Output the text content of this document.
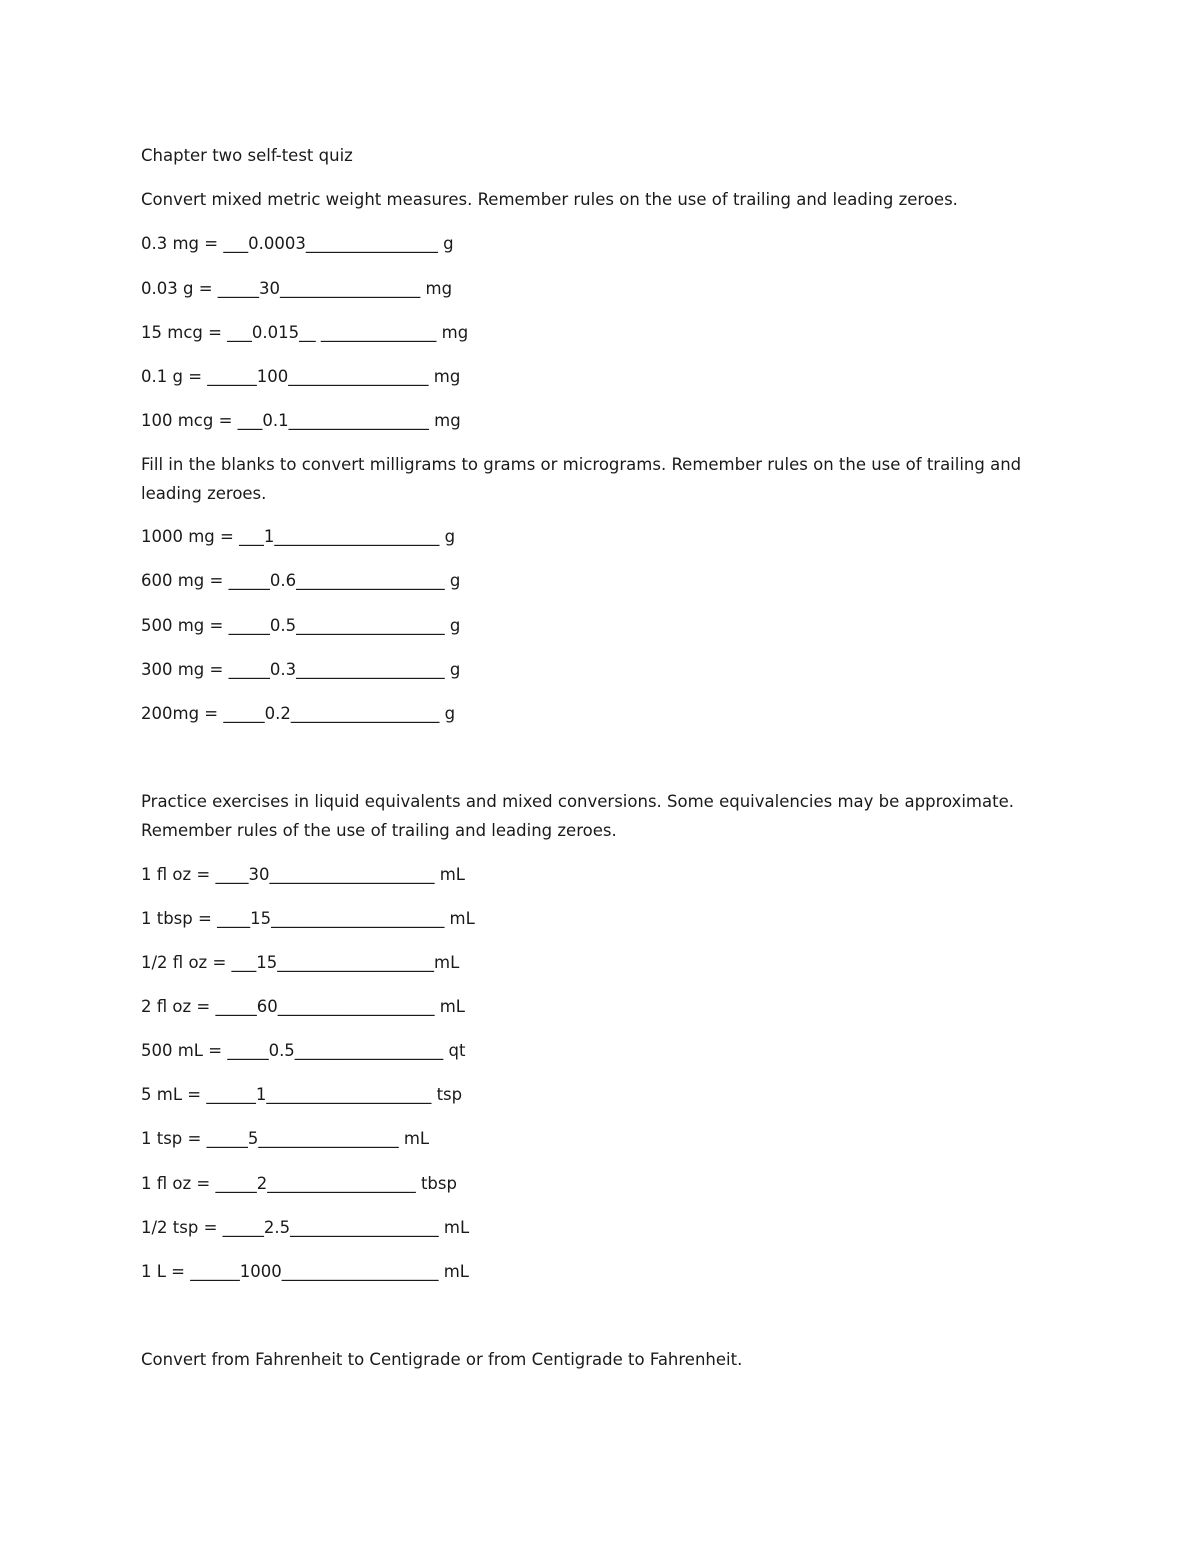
Chapter two self-test quiz
Convert mixed metric weight measures. Remember rules on the use of trailing and leading zeroes.
0.3 mg = ___0.0003________________ g
0.03 g = _____30_________________ mg
15 mcg = ___0.015__ ______________ mg
0.1 g = ______100_________________ mg
100 mcg = ___0.1_________________ mg
Fill in the blanks to convert milligrams to grams or micrograms. Remember rules on the use of trailing and leading zeroes.
1000 mg = ___1____________________ g
600 mg = _____0.6__________________ g
500 mg = _____0.5__________________ g
300 mg = _____0.3__________________ g
200mg = _____0.2__________________ g
Practice exercises in liquid equivalents and mixed conversions. Some equivalencies may be approximate. Remember rules of the use of trailing and leading zeroes.
1 fl oz = ____30____________________ mL
1 tbsp = ____15_____________________ mL
1/2 fl oz = ___15___________________mL
2 fl oz = _____60___________________ mL
500 mL = _____0.5__________________ qt
5 mL = ______1____________________ tsp
1 tsp = _____5_________________ mL
1 fl oz = _____2__________________ tbsp
1/2 tsp = _____2.5__________________ mL
1 L = ______1000___________________ mL
Convert from Fahrenheit to Centigrade or from Centigrade to Fahrenheit.
